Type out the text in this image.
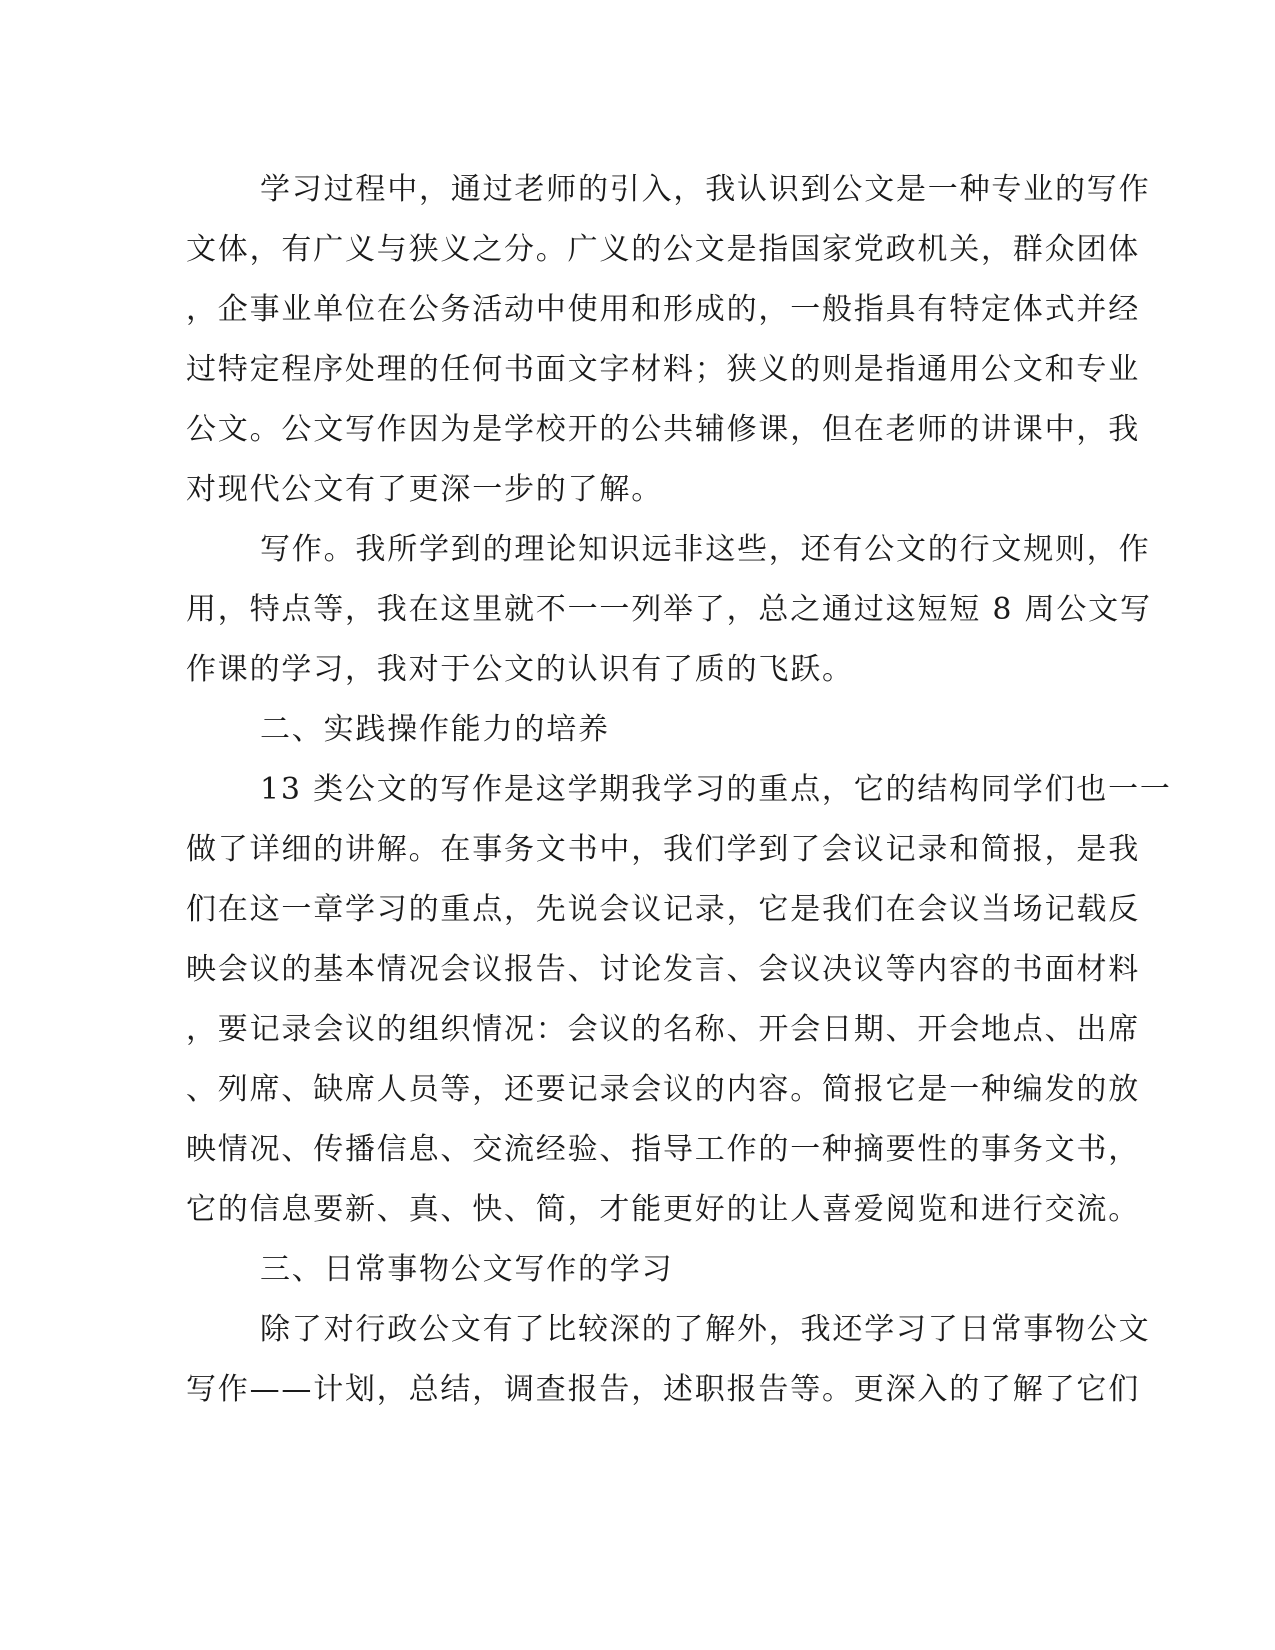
学习过程中，通过老师的引入，我认识到公文是一种专业的写作
文体，有广义与狭义之分。广义的公文是指国家党政机关，群众团体
，企事业单位在公务活动中使用和形成的，一般指具有特定体式并经
过特定程序处理的任何书面文字材料；狭义的则是指通用公文和专业
公文。公文写作因为是学校开的公共辅修课，但在老师的讲课中，我
对现代公文有了更深一步的了解。
写作。我所学到的理论知识远非这些，还有公文的行文规则，作
用，特点等，我在这里就不一一列举了，总之通过这短短 8 周公文写
作课的学习，我对于公文的认识有了质的飞跃。
二、实践操作能力的培养
13 类公文的写作是这学期我学习的重点，它的结构同学们也一一
做了详细的讲解。在事务文书中，我们学到了会议记录和简报，是我
们在这一章学习的重点，先说会议记录，它是我们在会议当场记载反
映会议的基本情况会议报告、讨论发言、会议决议等内容的书面材料
，要记录会议的组织情况：会议的名称、开会日期、开会地点、出席
、列席、缺席人员等，还要记录会议的内容。简报它是一种编发的放
映情况、传播信息、交流经验、指导工作的一种摘要性的事务文书，
它的信息要新、真、快、简，才能更好的让人喜爱阅览和进行交流。
三、日常事物公文写作的学习
除了对行政公文有了比较深的了解外，我还学习了日常事物公文
写作——计划，总结，调查报告，述职报告等。更深入的了解了它们
